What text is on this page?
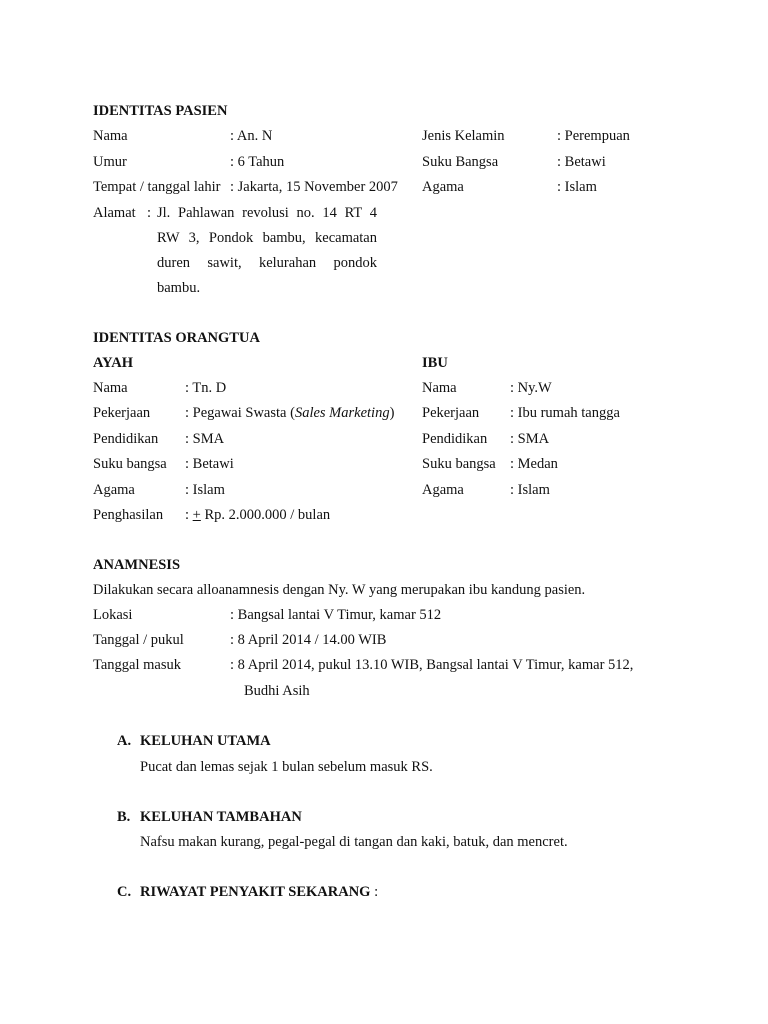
IDENTITAS PASIEN
Nama	: An. N	Jenis Kelamin	: Perempuan
Umur	: 6 Tahun	Suku Bangsa	: Betawi
Tempat / tanggal lahir : Jakarta, 15 November 2007 Agama	: Islam
Alamat : Jl. Pahlawan revolusi no. 14 RT 4
RW 3, Pondok bambu, kecamatan
duren sawit, kelurahan pondok
bambu.
IDENTITAS ORANGTUA
AYAH	IBU
Nama	: Tn. D	Nama	: Ny.W
Pekerjaan : Pegawai Swasta (Sales Marketing) Pekerjaan : Ibu rumah tangga
Pendidikan : SMA	Pendidikan : SMA
Suku bangsa : Betawi	Suku bangsa : Medan
Agama	: Islam	Agama	: Islam
Penghasilan : + Rp. 2.000.000 / bulan
ANAMNESIS
Dilakukan secara alloanamnesis dengan Ny. W yang merupakan ibu kandung pasien.
Lokasi	: Bangsal lantai V Timur, kamar 512
Tanggal / pukul	: 8 April 2014 / 14.00 WIB
Tanggal masuk	: 8 April 2014, pukul 13.10 WIB, Bangsal lantai V Timur, kamar 512,
Budhi Asih
A. KELUHAN UTAMA
Pucat dan lemas sejak 1 bulan sebelum masuk RS.
B. KELUHAN TAMBAHAN
Nafsu makan kurang, pegal-pegal di tangan dan kaki, batuk, dan mencret.
C. RIWAYAT PENYAKIT SEKARANG :
